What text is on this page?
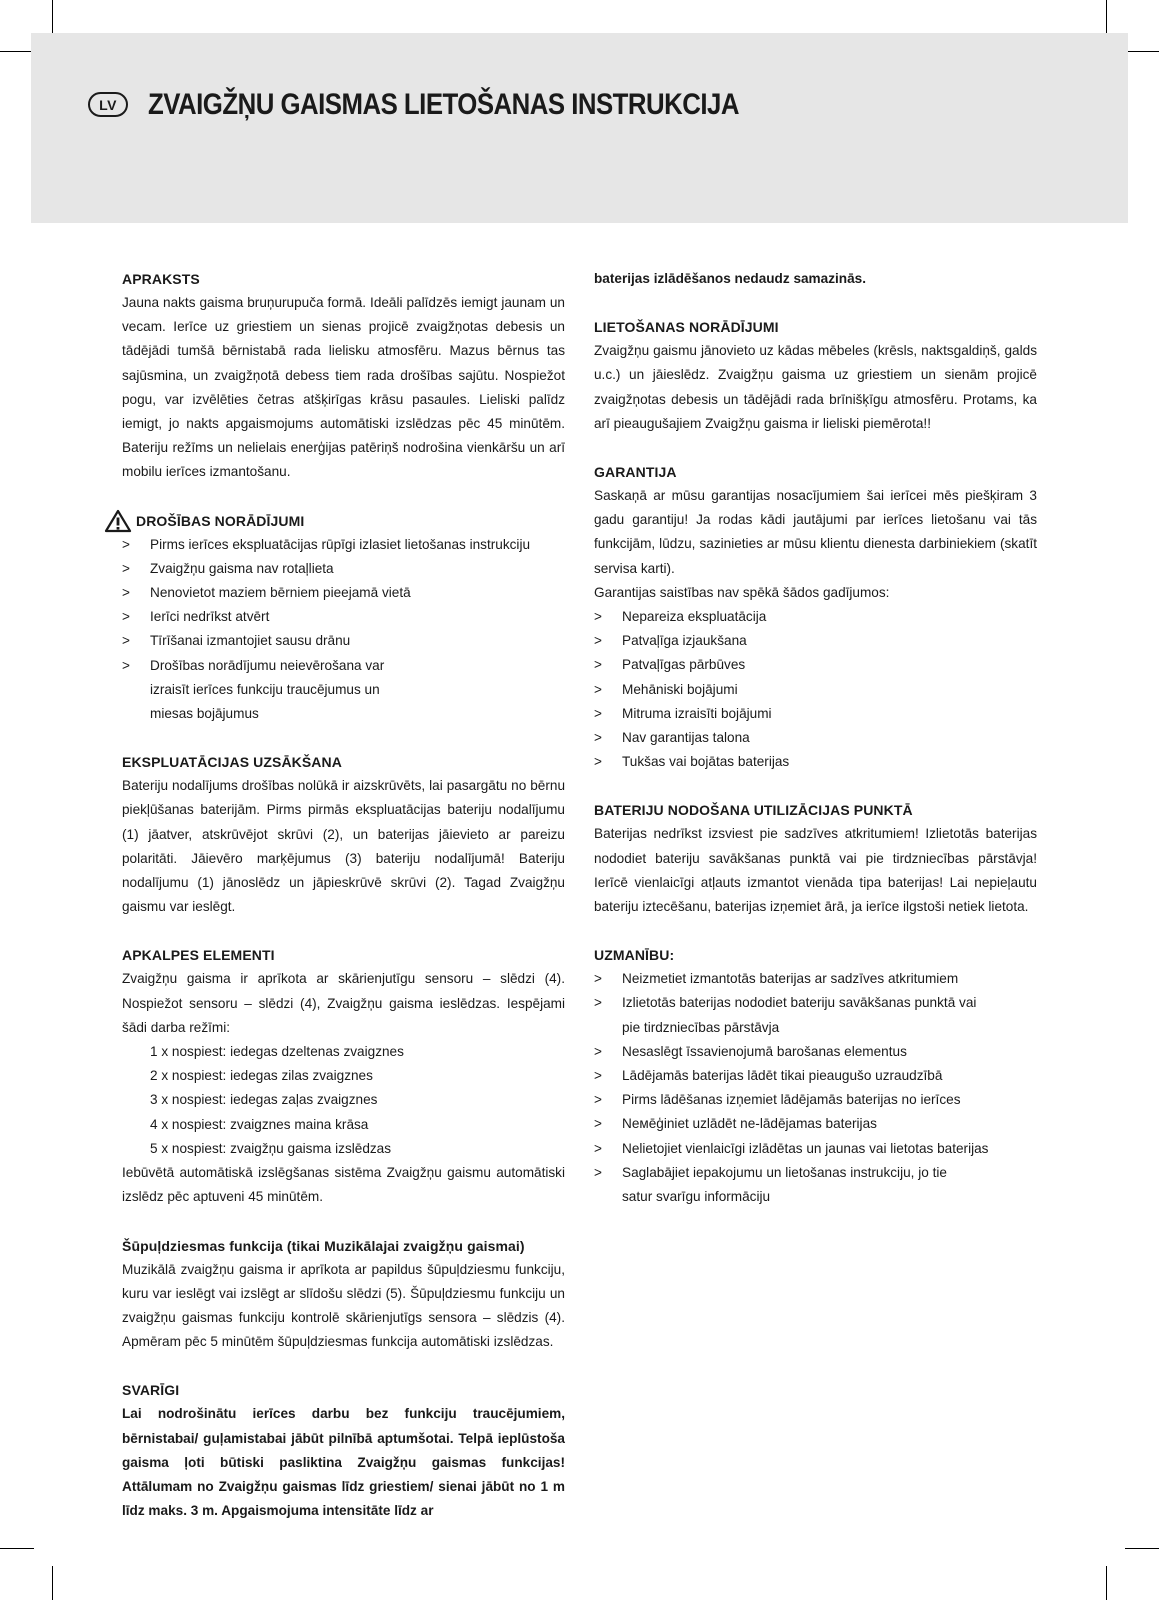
LV	ZVAIGŽŅU GAISMAS LIETOŠANAS INSTRUKCIJA

APRAKSTS

Jauna nakts gaisma bruņurupuča formā. Ideāli palīdzēs iemigt jaunam un vecam. Ierīce uz griestiem un sienas projicē zvaigžņotas debesis un tādējādi tumšā bērnistabā rada lielisku atmosfēru. Mazus bērnus tas sajūsmina, un zvaigžņotā debess tiem rada drošības sajūtu. Nospiežot pogu, var izvēlēties četras atšķirīgas krāsu pasaules. Lieliski palīdz iemigt, jo nakts apgaismojums automātiski izslēdzas pēc 45 minūtēm. Bateriju režīms un nelielais enerģijas patēriņš nodrošina vienkāršu un arī mobilu ierīces izmantošanu.

DROŠĪBAS NORĀDĪJUMI

>	Pirms ierīces ekspluatācijas rūpīgi izlasiet lietošanas instrukciju
>	Zvaigžņu gaisma nav rotaļlieta
>	Nenovietot maziem bērniem pieejamā vietā
>	Ierīci nedrīkst atvērt
>	Tīrīšanai izmantojiet sausu drānu
>	Drošības norādījumu neievērošana var izraisīt ierīces funkciju traucējumus un miesas bojājumus

EKSPLUATĀCIJAS UZSĀKŠANA

Bateriju nodalījums drošības nolūkā ir aizskrūvēts, lai pasargātu no bērnu piekļūšanas baterijām. Pirms pirmās ekspluatācijas bateriju nodalījumu (1) jāatver, atskrūvējot skrūvi (2), un baterijas jāievieto ar pareizu polaritāti. Jāievēro marķējumus (3) bateriju nodalījumā! Bateriju nodalījumu (1) jānoslēdz un jāpieskrūvē skrūvi (2). Tagad Zvaigžņu gaismu var ieslēgt.

APKALPES ELEMENTI

Zvaigžņu gaisma ir aprīkota ar skārienjutīgu sensoru – slēdzi (4). Nospiežot sensoru – slēdzi (4), Zvaigžņu gaisma ieslēdzas. Iespējami šādi darba režīmi:

1 x nospiest: iedegas dzeltenas zvaigznes
2 x nospiest: iedegas zilas zvaigznes
3 x nospiest: iedegas zaļas zvaigznes
4 x nospiest: zvaigznes maina krāsa
5 x nospiest: zvaigžņu gaisma izslēdzas

Iebūvētā automātiskā izslēgšanas sistēma Zvaigžņu gaismu automātiski izslēdz pēc aptuveni 45 minūtēm.

Šūpuļdziesmas funkcija (tikai Muzikālajai zvaigžņu gaismai)

Muzikālā zvaigžņu gaisma ir aprīkota ar papildus šūpuļdziesmu funkciju, kuru var ieslēgt vai izslēgt ar slīdošu slēdzi (5). Šūpuļdziesmu funkciju un zvaigžņu gaismas funkciju kontrolē skārienjutīgs sensora – slēdzis (4). Apmēram pēc 5 minūtēm šūpuļdziesmas funkcija automātiski izslēdzas.

SVARĪGI

Lai nodrošinātu ierīces darbu bez funkciju traucējumiem, bērnistabai/ guļamistabai jābūt pilnībā aptumšotai. Telpā ieplūstoša gaisma ļoti būtiski pasliktina Zvaigžņu gaismas funkcijas! Attālumam no Zvaigžņu gaismas līdz griestiem/ sienai jābūt no 1 m līdz maks. 3 m. Apgaismojuma intensitāte līdz ar

baterijas izlādēšanos nedaudz samazinās.

LIETOŠANAS NORĀDĪJUMI

Zvaigžņu gaismu jānovieto uz kādas mēbeles (krēsls, naktsgaldiņš, galds u.c.) un jāieslēdz. Zvaigžņu gaisma uz griestiem un sienām projicē zvaigžņotas debesis un tādējādi rada brīnišķīgu atmosfēru. Protams, ka arī pieaugušajiem Zvaigžņu gaisma ir lieliski piemērota!!

GARANTIJA

Saskaņā ar mūsu garantijas nosacījumiem šai ierīcei mēs piešķiram 3 gadu garantiju! Ja rodas kādi jautājumi par ierīces lietošanu vai tās funkcijām, lūdzu, sazinieties ar mūsu klientu dienesta darbiniekiem (skatīt servisa karti).

Garantijas saistības nav spēkā šādos gadījumos:

>	Nepareiza ekspluatācija
>	Patvaļīga izjaukšana
>	Patvaļīgas pārbūves
>	Mehāniski bojājumi
>	Mitruma izraisīti bojājumi
>	Nav garantijas talona
>	Tukšas vai bojātas baterijas

BATERIJU NODOŠANA UTILIZĀCIJAS PUNKTĀ

Baterijas nedrīkst izsviest pie sadzīves atkritumiem! Izlietotās baterijas nododiet bateriju savākšanas punktā vai pie tirdzniecības pārstāvja! Ierīcē vienlaicīgi atļauts izmantot vienāda tipa baterijas! Lai nepieļautu bateriju iztecēšanu, baterijas izņemiet ārā, ja ierīce ilgstoši netiek lietota.

UZMANĪBU:

>	Neizmetiet izmantotās baterijas ar sadzīves atkritumiem
>	Izlietotās baterijas nododiet bateriju savākšanas punktā vai pie tirdzniecības pārstāvja
>	Nesaslēgt īssavienojumā barošanas elementus
>	Lādējamās baterijas lādēt tikai pieaugušo uzraudzībā
>	Pirms lādēšanas izņemiet lādējamās baterijas no ierīces
>	Neмēģiniet uzlādēt ne-lādējamas baterijas
>	Nelietojiet vienlaicīgi izlādētas un jaunas vai lietotas baterijas
>	Saglabājiet iepakojumu un lietošanas instrukciju, jo tie satur svarīgu informāciju
